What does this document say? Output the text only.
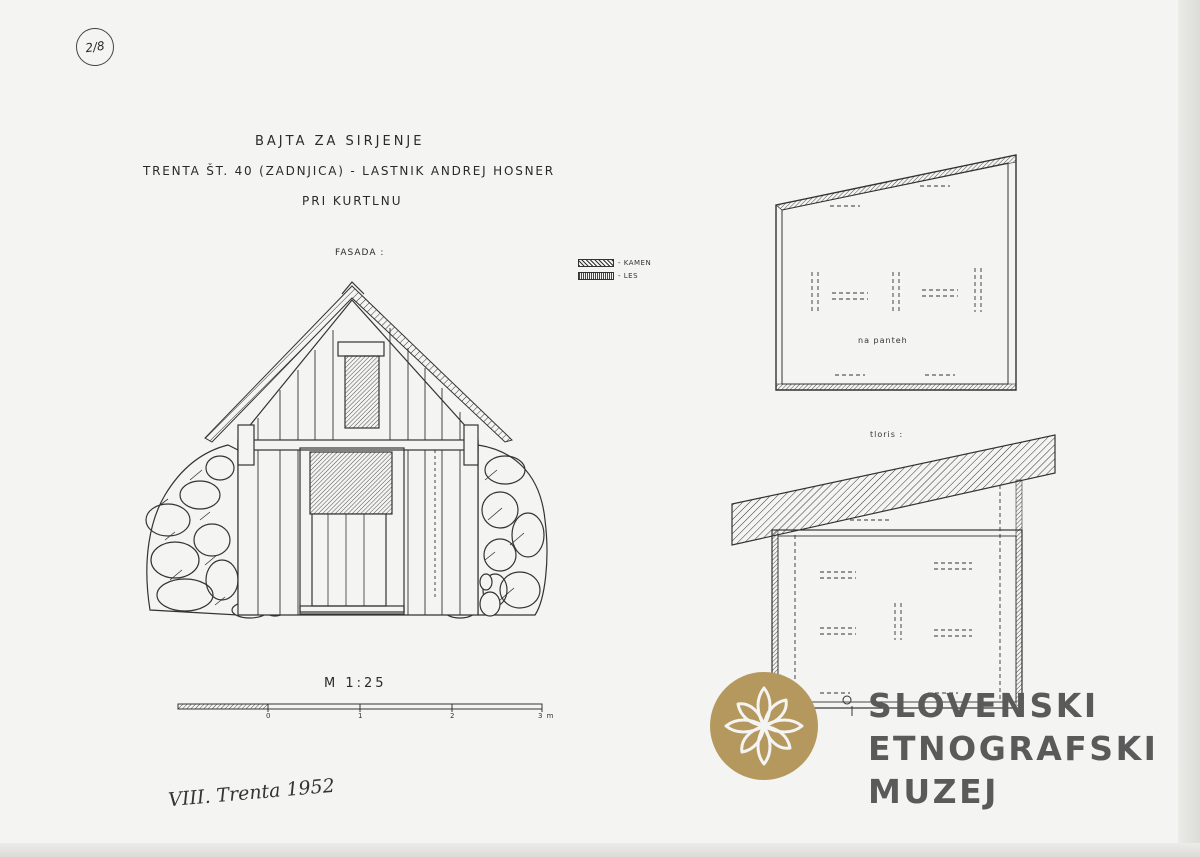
2/8
BAJTA ZA SIRJENJE
TRENTA ŠT. 40 (ZADNJICA) - LASTNIK ANDREJ HOSNER
PRI KURTLNU
FASADA :
- KAMEN
- LES
na panteh
tloris :
M 1:25
0	1	2	3 m
VIII. Trenta 1952
SLOVENSKI
ETNOGRAFSKI
MUZEJ
